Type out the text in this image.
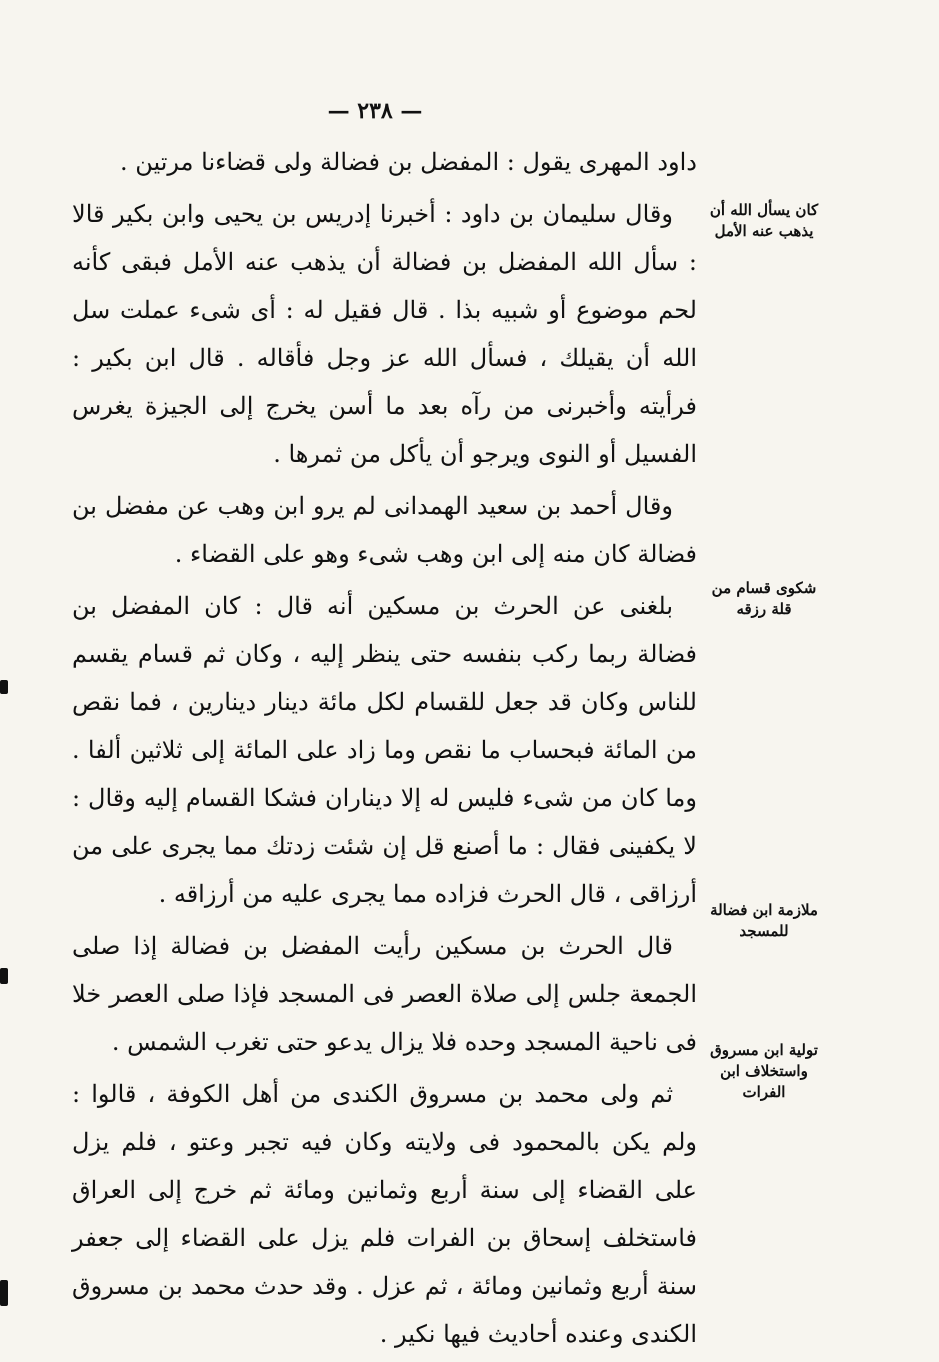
— ٢٣٨ —
كان يسأل الله أن يذهب عنه الأمل
شكوى قسام من قلة رزقه
ملازمة ابن فضالة للمسجد
تولية ابن مسروق واستخلاف ابن الفرات

داود المهرى يقول : المفضل بن فضالة ولى قضاءنا مرتين .

وقال سليمان بن داود : أخبرنا إدريس بن يحيى وابن بكير قالا : سأل الله المفضل بن فضالة أن يذهب عنه الأمل فبقى كأنه لحم موضوع أو شبيه بذا . قال فقيل له : أى شىء عملت سل الله أن يقيلك ، فسأل الله عز وجل فأقاله . قال ابن بكير : فرأيته وأخبرنى من رآه بعد ما أسن يخرج إلى الجيزة يغرس الفسيل أو النوى ويرجو أن يأكل من ثمرها .

وقال أحمد بن سعيد الهمدانى لم يرو ابن وهب عن مفضل بن فضالة كان منه إلى ابن وهب شىء وهو على القضاء .

بلغنى عن الحرث بن مسكين أنه قال : كان المفضل بن فضالة ربما ركب بنفسه حتى ينظر إليه ، وكان ثم قسام يقسم للناس وكان قد جعل للقسام لكل مائة دينار دينارين ، فما نقص من المائة فبحساب ما نقص وما زاد على المائة إلى ثلاثين ألفا . وما كان من شىء فليس له إلا ديناران فشكا القسام إليه وقال : لا يكفينى فقال : ما أصنع قل إن شئت زدتك مما يجرى على من أرزاقى ، قال الحرث فزاده مما يجرى عليه من أرزاقه .

قال الحرث بن مسكين رأيت المفضل بن فضالة إذا صلى الجمعة جلس إلى صلاة العصر فى المسجد فإذا صلى العصر خلا فى ناحية المسجد وحده فلا يزال يدعو حتى تغرب الشمس .

ثم ولى محمد بن مسروق الكندى من أهل الكوفة ، قالوا : ولم يكن بالمحمود فى ولايته وكان فيه تجبر وعتو ، فلم يزل على القضاء إلى سنة أربع وثمانين ومائة ثم خرج إلى العراق فاستخلف إسحاق بن الفرات فلم يزل على القضاء إلى جعفر سنة أربع وثمانين ومائة ، ثم عزل . وقد حدث محمد بن مسروق الكندى وعنده أحاديث فيها نكير .
